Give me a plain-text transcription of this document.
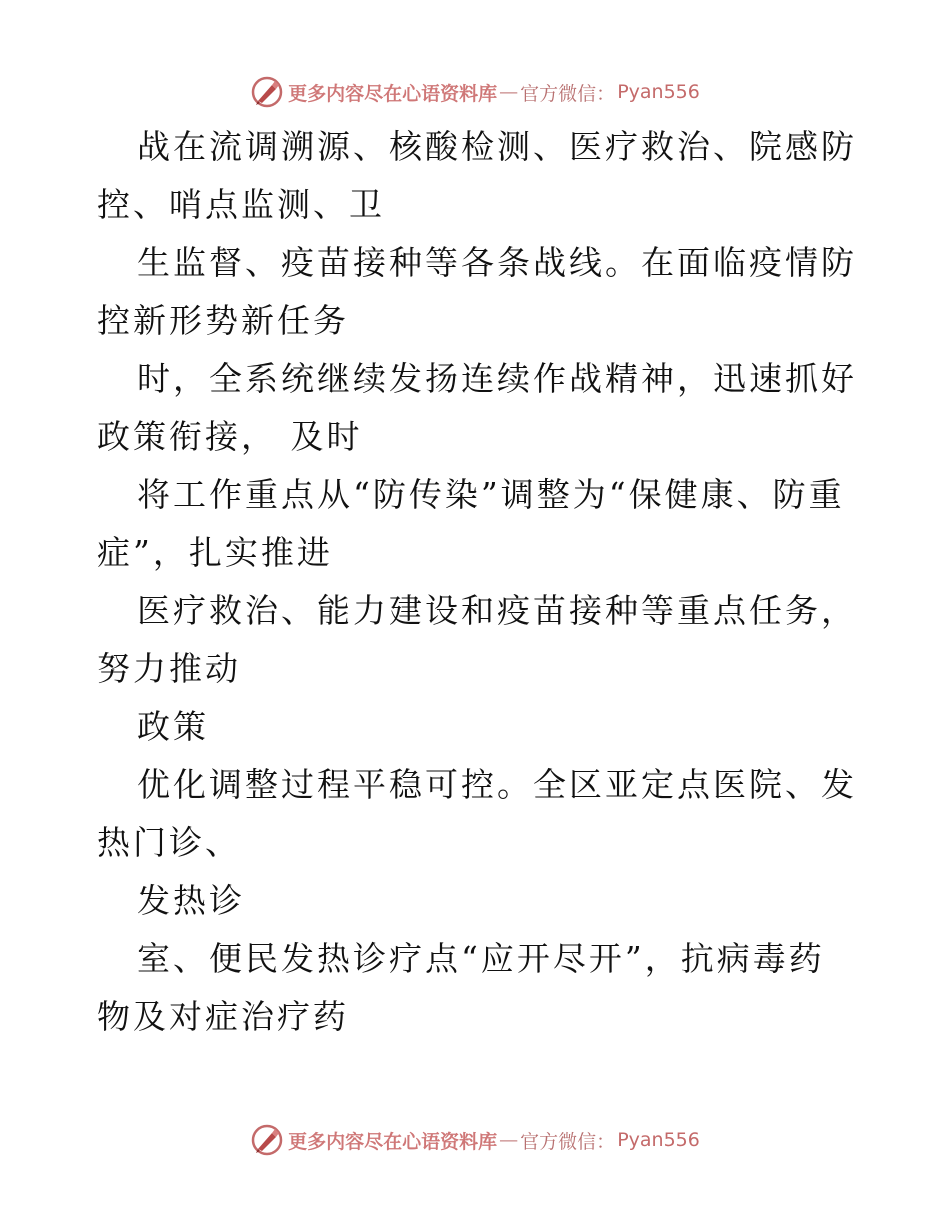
更多内容尽在心语资料库 — 官方微信： Pyan556

战在流调溯源、核酸检测、医疗救治、院感防控、哨点监测、卫

生监督、疫苗接种等各条战线。在面临疫情防控新形势新任务

时，全系统继续发扬连续作战精神，迅速抓好政策衔接， 及时

将工作重点从“防传染”调整为“保健康、防重症”，扎实推进

医疗救治、能力建设和疫苗接种等重点任务，努力推动

政策

优化调整过程平稳可控。全区亚定点医院、发热门诊、

发热诊

室、便民发热诊疗点“应开尽开”，抗病毒药物及对症治疗药

更多内容尽在心语资料库 — 官方微信： Pyan556
